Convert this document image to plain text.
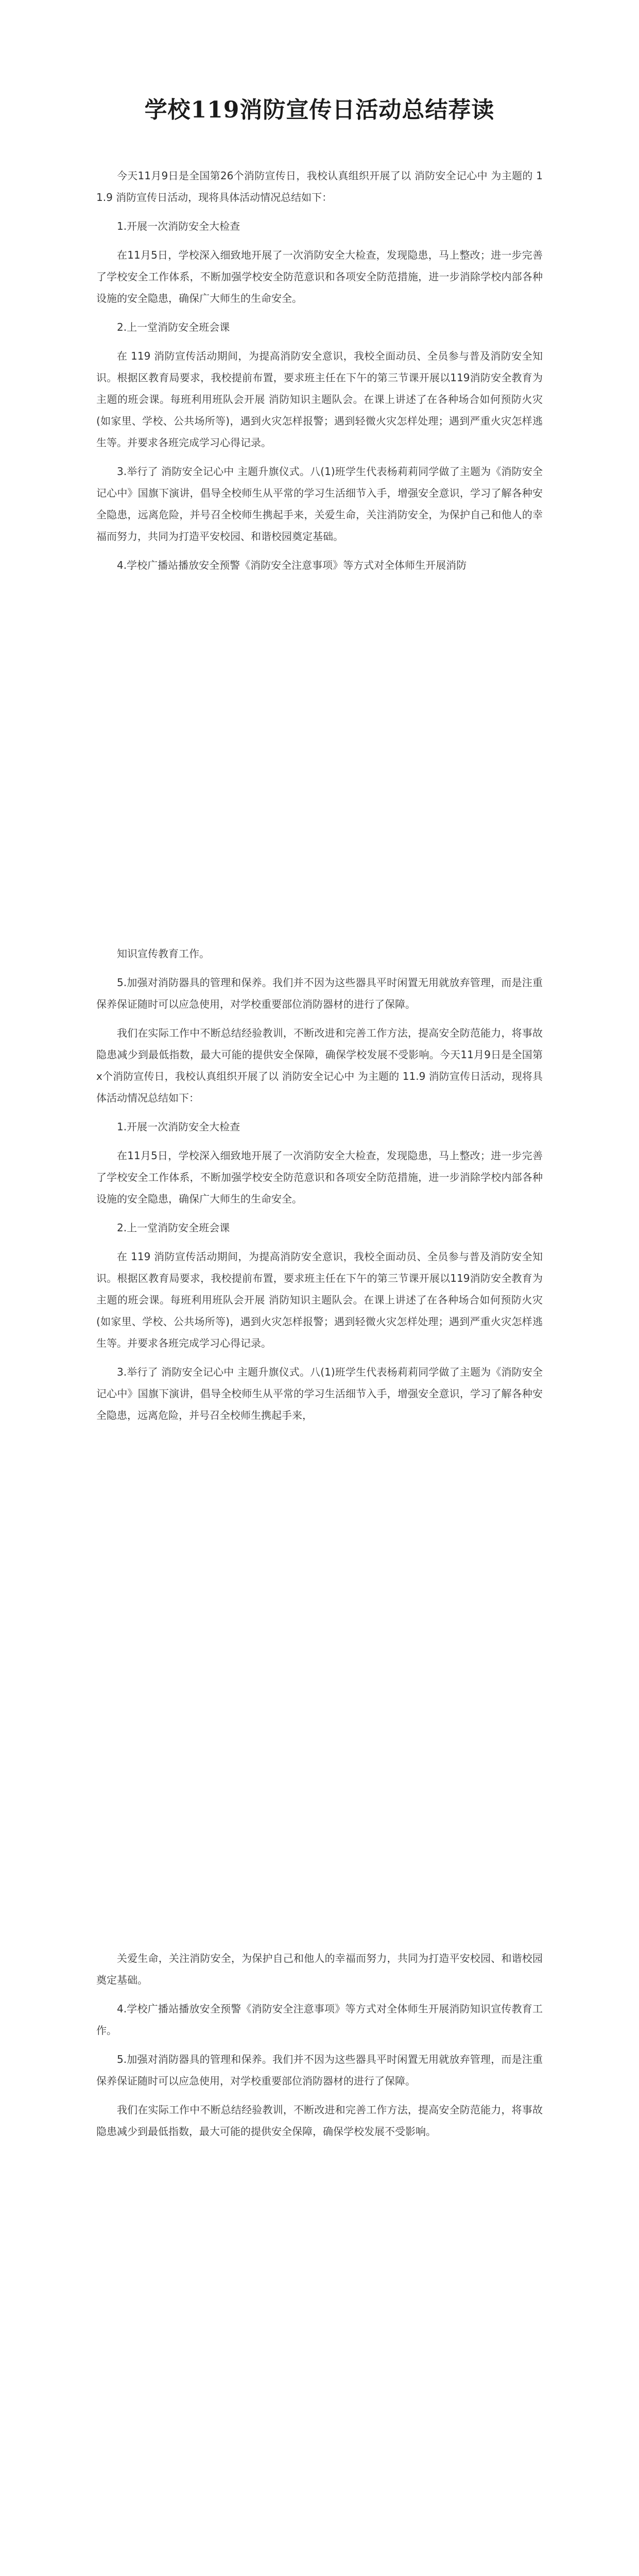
学校119消防宣传日活动总结荐读

今天11月9日是全国第26个消防宣传日，我校认真组织开展了以 消防安全记心中 为主题的 11.9 消防宣传日活动，现将具体活动情况总结如下：

1.开展一次消防安全大检查

在11月5日，学校深入细致地开展了一次消防安全大检查，发现隐患，马上整改；进一步完善了学校安全工作体系，不断加强学校安全防范意识和各项安全防范措施，进一步消除学校内部各种设施的安全隐患，确保广大师生的生命安全。

2.上一堂消防安全班会课

在 119 消防宣传活动期间，为提高消防安全意识，我校全面动员、全员参与普及消防安全知识。根据区教育局要求，我校提前布置，要求班主任在下午的第三节课开展以119消防安全教育为主题的班会课。每班利用班队会开展 消防知识主题队会。在课上讲述了在各种场合如何预防火灾(如家里、学校、公共场所等)，遇到火灾怎样报警；遇到轻微火灾怎样处理；遇到严重火灾怎样逃生等。并要求各班完成学习心得记录。

3.举行了 消防安全记心中 主题升旗仪式。八(1)班学生代表杨莉莉同学做了主题为《消防安全记心中》国旗下演讲，倡导全校师生从平常的学习生活细节入手，增强安全意识，学习了解各种安全隐患，远离危险，并号召全校师生携起手来，关爱生命，关注消防安全，为保护自己和他人的幸福而努力，共同为打造平安校园、和谐校园奠定基础。

4.学校广播站播放安全预警《消防安全注意事项》等方式对全体师生开展消防

知识宣传教育工作。

5.加强对消防器具的管理和保养。我们并不因为这些器具平时闲置无用就放弃管理，而是注重保养保证随时可以应急使用，对学校重要部位消防器材的进行了保障。

我们在实际工作中不断总结经验教训，不断改进和完善工作方法，提高安全防范能力，将事故隐患减少到最低指数，最大可能的提供安全保障，确保学校发展不受影响。今天11月9日是全国第x个消防宣传日，我校认真组织开展了以 消防安全记心中 为主题的 11.9 消防宣传日活动，现将具体活动情况总结如下：

1.开展一次消防安全大检查

在11月5日，学校深入细致地开展了一次消防安全大检查，发现隐患，马上整改；进一步完善了学校安全工作体系，不断加强学校安全防范意识和各项安全防范措施，进一步消除学校内部各种设施的安全隐患，确保广大师生的生命安全。

2.上一堂消防安全班会课

在 119 消防宣传活动期间，为提高消防安全意识，我校全面动员、全员参与普及消防安全知识。根据区教育局要求，我校提前布置，要求班主任在下午的第三节课开展以119消防安全教育为主题的班会课。每班利用班队会开展 消防知识主题队会。在课上讲述了在各种场合如何预防火灾(如家里、学校、公共场所等)，遇到火灾怎样报警；遇到轻微火灾怎样处理；遇到严重火灾怎样逃生等。并要求各班完成学习心得记录。

3.举行了 消防安全记心中 主题升旗仪式。八(1)班学生代表杨莉莉同学做了主题为《消防安全记心中》国旗下演讲，倡导全校师生从平常的学习生活细节入手，增强安全意识，学习了解各种安全隐患，远离危险，并号召全校师生携起手来，

关爱生命，关注消防安全，为保护自己和他人的幸福而努力，共同为打造平安校园、和谐校园奠定基础。

4.学校广播站播放安全预警《消防安全注意事项》等方式对全体师生开展消防知识宣传教育工作。

5.加强对消防器具的管理和保养。我们并不因为这些器具平时闲置无用就放弃管理，而是注重保养保证随时可以应急使用，对学校重要部位消防器材的进行了保障。

我们在实际工作中不断总结经验教训，不断改进和完善工作方法，提高安全防范能力，将事故隐患减少到最低指数，最大可能的提供安全保障，确保学校发展不受影响。
